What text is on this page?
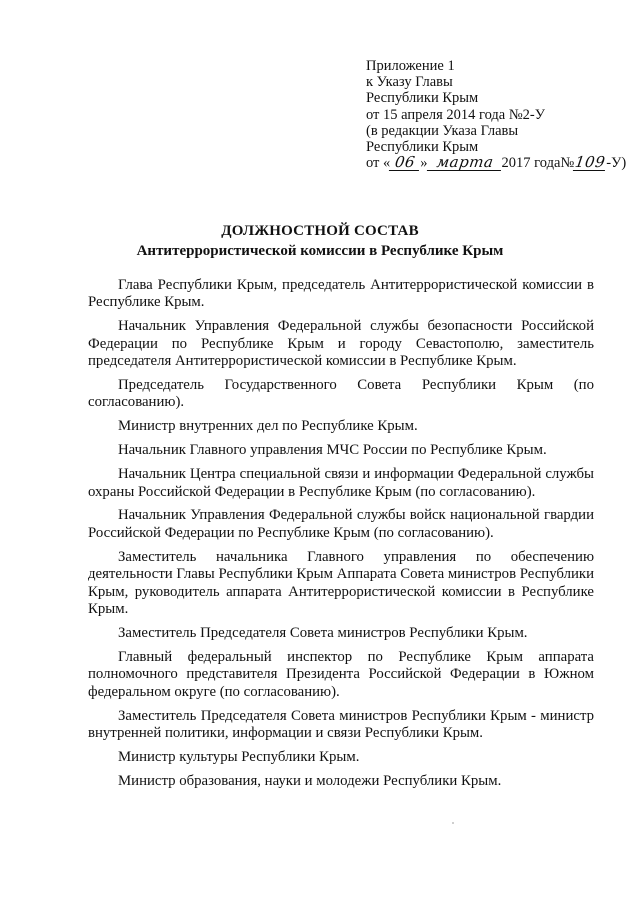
Приложение 1
к Указу Главы
Республики Крым
от 15 апреля 2014 года №2-У
(в редакции Указа Главы
Республики Крым
от « 06 » марта 2017 года№109-У)
ДОЛЖНОСТНОЙ СОСТАВ
Антитеррористической комиссии в Республике Крым

Глава Республики Крым, председатель Антитеррористической комиссии в Республике Крым.

Начальник Управления Федеральной службы безопасности Российской Федерации по Республике Крым и городу Севастополю, заместитель председателя Антитеррористической комиссии в Республике Крым.

Председатель Государственного Совета Республики Крым (по согласованию).

Министр внутренних дел по Республике Крым.

Начальник Главного управления МЧС России по Республике Крым.

Начальник Центра специальной связи и информации Федеральной службы охраны Российской Федерации в Республике Крым (по согласованию).

Начальник Управления Федеральной службы войск национальной гвардии Российской Федерации по Республике Крым (по согласованию).

Заместитель начальника Главного управления по обеспечению деятельности Главы Республики Крым Аппарата Совета министров Республики Крым, руководитель аппарата Антитеррористической комиссии в Республике Крым.

Заместитель Председателя Совета министров Республики Крым.

Главный федеральный инспектор по Республике Крым аппарата полномочного представителя Президента Российской Федерации в Южном федеральном округе (по согласованию).

Заместитель Председателя Совета министров Республики Крым - министр внутренней политики, информации и связи Республики Крым.

Министр культуры Республики Крым.

Министр образования, науки и молодежи Республики Крым.
